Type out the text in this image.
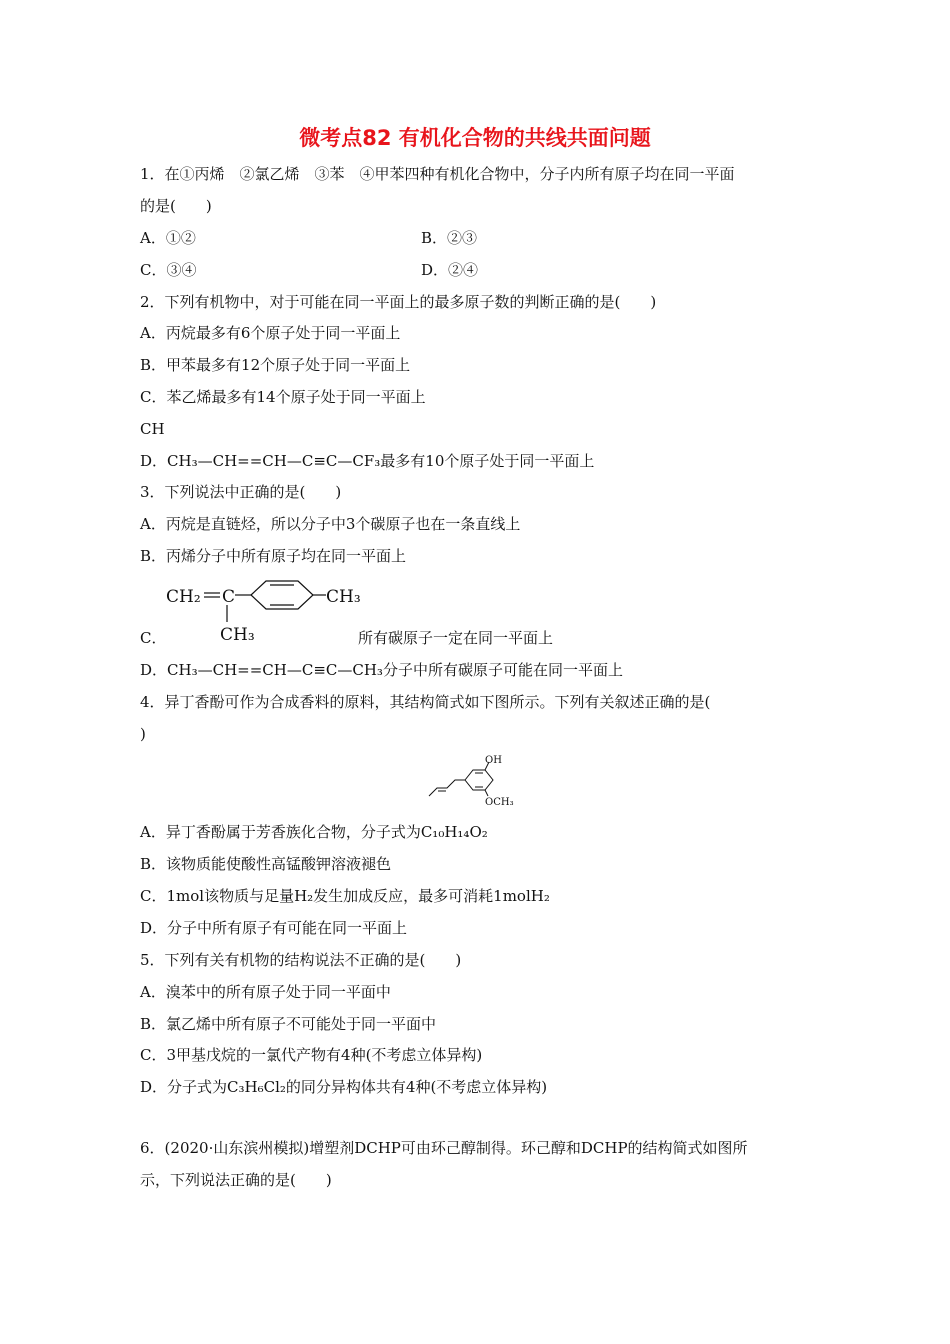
微考点82 有机化合物的共线共面问题
1．在①丙烯　②氯乙烯　③苯　④甲苯四种有机化合物中，分子内所有原子均在同一平面
的是(　　)
A．①②	B．②③
C．③④	D．②④
2．下列有机物中，对于可能在同一平面上的最多原子数的判断正确的是(　　)
A．丙烷最多有6个原子处于同一平面上
B．甲苯最多有12个原子处于同一平面上
C．苯乙烯最多有14个原子处于同一平面上
CH
D．CH₃—CH==CH—C≡C—CF₃最多有10个原子处于同一平面上
3．下列说法中正确的是(　　)
A．丙烷是直链烃，所以分子中3个碳原子也在一条直线上
B．丙烯分子中所有原子均在同一平面上
CH₂ C	CH₃
CH₃
C．	所有碳原子一定在同一平面上
D．CH₃—CH==CH—C≡C—CH₃分子中所有碳原子可能在同一平面上
4．异丁香酚可作为合成香料的原料，其结构简式如下图所示。下列有关叙述正确的是(
)
OH
OCH₃
A．异丁香酚属于芳香族化合物，分子式为C₁₀H₁₄O₂
B．该物质能使酸性高锰酸钾溶液褪色
C．1mol该物质与足量H₂发生加成反应，最多可消耗1molH₂
D．分子中所有原子有可能在同一平面上
5．下列有关有机物的结构说法不正确的是(　　)
A．溴苯中的所有原子处于同一平面中
B．氯乙烯中所有原子不可能处于同一平面中
C．3甲基戊烷的一氯代产物有4种(不考虑立体异构)
D．分子式为C₃H₆Cl₂的同分异构体共有4种(不考虑立体异构)
6．(2020·山东滨州模拟)增塑剂DCHP可由环己醇制得。环己醇和DCHP的结构简式如图所
示，下列说法正确的是(　　)
